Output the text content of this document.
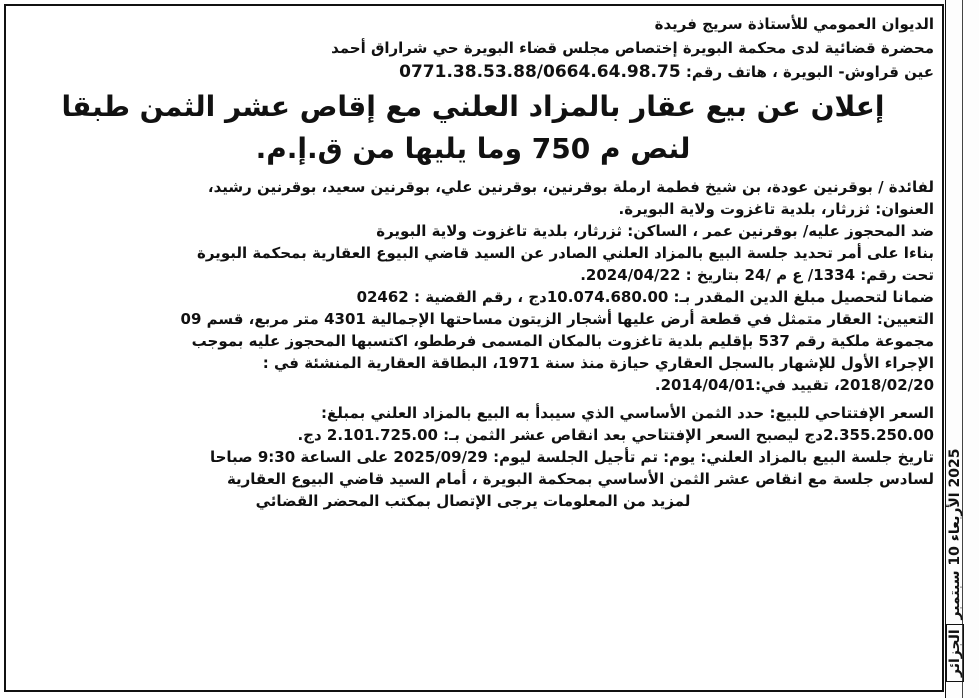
الديوان العمومي للأستاذة سريج فريدة
محضرة قضائية لدى محكمة البويرة إختصاص مجلس قضاء البويرة حي شراراق أحمد
عين قراوش- البويرة ، هاتف رقم: 0771.38.53.88/0664.64.98.75
إعلان عن بيع عقار بالمزاد العلني مع إقاص عشر الثمن طبقا
لنص م 750 وما يليها من ق.إ.م.

لفائدة / بوقرنين عودة، بن شيخ فطمة ارملة بوقرنين، بوقرنين علي، بوقرنين سعيد، بوقرنين رشيد،

العنوان: ثزرثار، بلدية تاغزوت ولاية البويرة.

ضد المحجوز عليه/ بوقرنين عمر ، الساكن: ثزرثار، بلدية تاغزوت ولاية البويرة

بناءا على أمر تحديد جلسة البيع بالمزاد العلني الصادر عن السيد قاضي البيوع العقارية بمحكمة البويرة

تحت رقم: 1334/ ع م /24 بتاريخ : 2024/04/22.

ضمانا لتحصيل مبلغ الدين المقدر بـ: 10.074.680.00دج ، رقم القضية : 02462

التعيين: العقار متمثل في قطعة أرض عليها أشجار الزيتون مساحتها الإجمالية 4301 متر مربع، قسم 09

مجموعة ملكية رقم 537 بإقليم بلدية تاغزوت بالمكان المسمى فرططو، اكتسبها المحجوز عليه بموجب

الإجراء الأول للإشهار بالسجل العقاري حيازة منذ سنة 1971، البطاقة العقارية المنشئة في :

2018/02/20، تقييد في:2014/04/01.

السعر الإفتتاحي للبيع: حدد الثمن الأساسي الذي سيبدأ به البيع بالمزاد العلني بمبلغ:

2.355.250.00دج ليصبح السعر الإفتتاحي بعد انقاص عشر الثمن بـ: 2.101.725.00 دج.

تاريخ جلسة البيع بالمزاد العلني: يوم: تم تأجيل الجلسة ليوم: 2025/09/29 على الساعة 9:30 صباحا

لسادس جلسة مع انقاص عشر الثمن الأساسي بمحكمة البويرة ، أمام السيد قاضي البيوع العقارية

لمزيد من المعلومات يرجى الإتصال بمكتب المحضر القضائي

2025 الأربعاء 10 سبتمبر الجزائر
